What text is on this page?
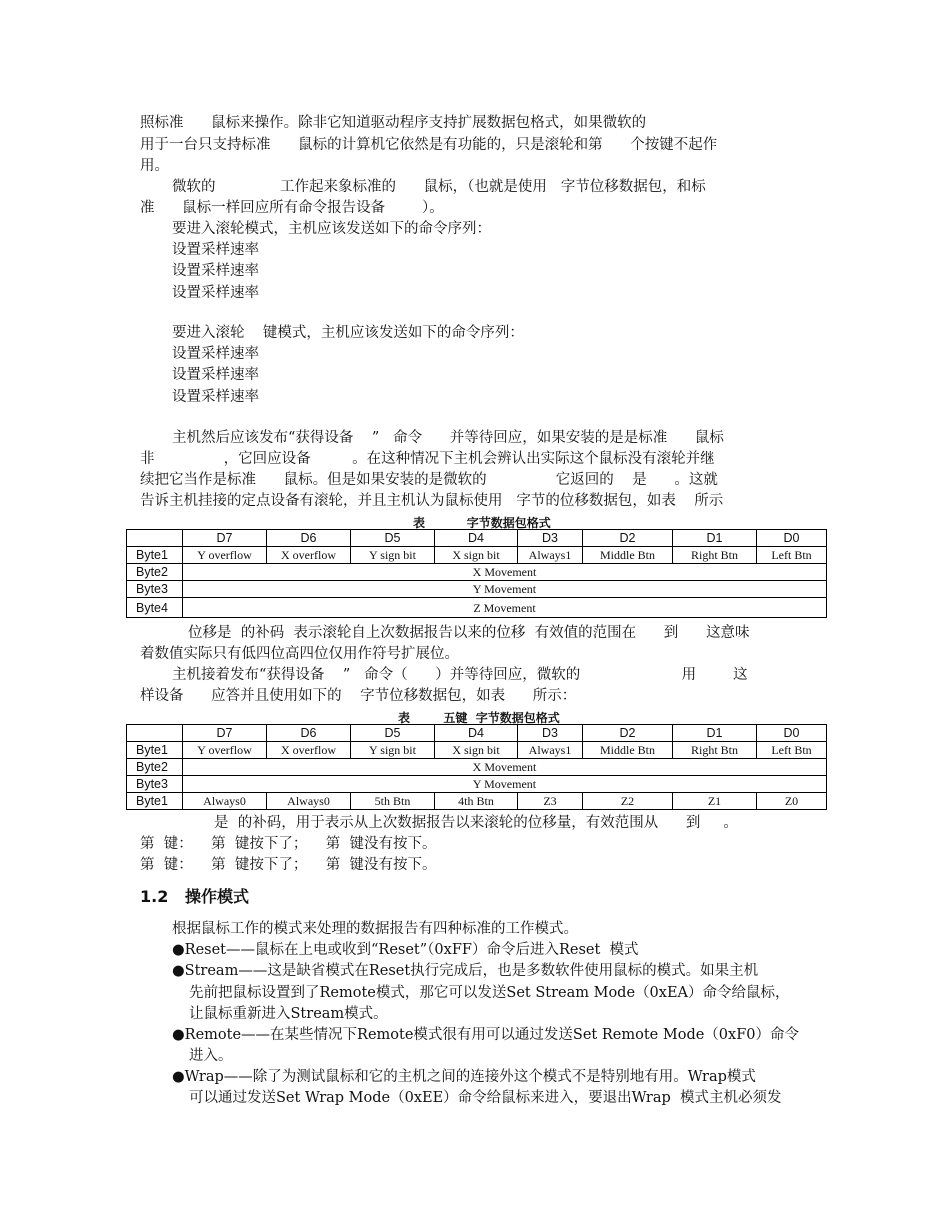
照标准      鼠标来操作。除非它知道驱动程序支持扩展数据包格式，如果微软的
用于一台只支持标准      鼠标的计算机它依然是有功能的，只是滚轮和第      个按键不起作
用。
微软的              工作起来象标准的      鼠标，（也就是使用   字节位移数据包，和标
准      鼠标一样回应所有命令报告设备        ）。
要进入滚轮模式，主机应该发送如下的命令序列：
设置采样速率
设置采样速率
设置采样速率
要进入滚轮    键模式，主机应该发送如下的命令序列：
设置采样速率
设置采样速率
设置采样速率
主机然后应该发布“获得设备    ”   命令      并等待回应，如果安装的是是标准      鼠标
非               ，它回应设备         。在这种情况下主机会辨认出实际这个鼠标没有滚轮并继
续把它当作是标准      鼠标。但是如果安装的是微软的               它返回的    是      。这就
告诉主机挂接的定点设备有滚轮，并且主机认为鼠标使用   字节的位移数据包，如表    所示
表          字节数据包格式
	D7	D6	D5	D4	D3	D2	D1	D0
Byte1	Y overflow	X overflow	Y sign bit	X sign bit	Always1	Middle Btn	Right Btn	Left Btn
Byte2	X Movement							
Byte3	Y Movement							
Byte4	Z Movement							
位移是  的补码  表示滚轮自上次数据报告以来的位移  有效值的范围在      到      这意味
着数值实际只有低四位高四位仅用作符号扩展位。
主机接着发布“获得设备    ”   命令（      ）并等待回应，微软的                      用        这
样设备      应答并且使用如下的    字节位移数据包，如表      所示：
表        五键  字节数据包格式
	D7	D6	D5	D4	D3	D2	D1	D0
Byte1	Y overflow	X overflow	Y sign bit	X sign bit	Always1	Middle Btn	Right Btn	Left Btn
Byte2	X Movement							
Byte3	Y Movement							
Byte1	Always0	Always0	5th Btn	4th Btn	Z3	Z2	Z1	Z0
是  的补码，用于表示从上次数据报告以来滚轮的位移量，有效范围从      到     。
第  键：    第  键按下了；    第  键没有按下。
第  键：    第  键按下了；    第  键没有按下。
1.2   操作模式
根据鼠标工作的模式来处理的数据报告有四种标准的工作模式。
●Reset——鼠标在上电或收到“Reset”（0xFF）命令后进入Reset  模式
●Stream——这是缺省模式在Reset执行完成后，也是多数软件使用鼠标的模式。如果主机
先前把鼠标设置到了Remote模式，那它可以发送Set Stream Mode（0xEA）命令给鼠标，
让鼠标重新进入Stream模式。
●Remote——在某些情况下Remote模式很有用可以通过发送Set Remote Mode（0xF0）命令
进入。
●Wrap——除了为测试鼠标和它的主机之间的连接外这个模式不是特别地有用。Wrap模式
可以通过发送Set Wrap Mode（0xEE）命令给鼠标来进入，要退出Wrap  模式主机必须发
